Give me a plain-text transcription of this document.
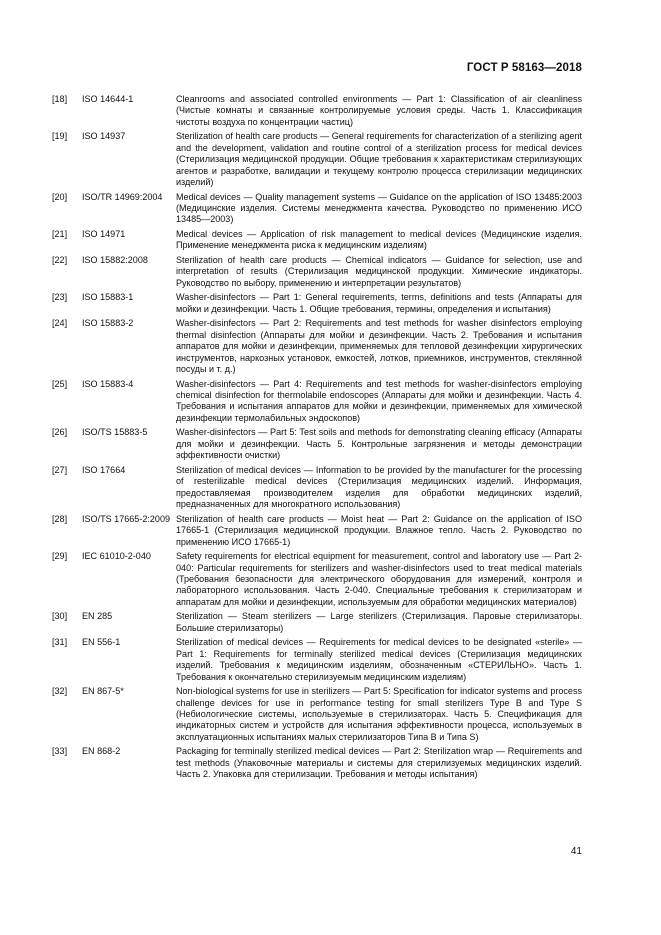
ГОСТ Р 58163—2018
[18]	ISO 14644-1	Cleanrooms and associated controlled environments — Part 1: Classification of air cleanliness (Чистые комнаты и связанные контролируемые условия среды. Часть 1. Классификация чистоты воздуха по концентрации частиц)
[19]	ISO 14937	Sterilization of health care products — General requirements for characterization of a sterilizing agent and the development, validation and routine control of a sterilization process for medical devices (Стерилизация медицинской продукции. Общие требования к характеристикам стерилизующих агентов и разработке, валидации и текущему контролю процесса стерилизации медицинских изделий)
[20]	ISO/TR 14969:2004	Medical devices — Quality management systems — Guidance on the application of ISO 13485:2003 (Медицинские изделия. Системы менеджмента качества. Руководство по применению ИСО 13485—2003)
[21]	ISO 14971	Medical devices — Application of risk management to medical devices (Медицинские изделия. Применение менеджмента риска к медицинским изделиям)
[22]	ISO 15882:2008	Sterilization of health care products — Chemical indicators — Guidance for selection, use and interpretation of results (Стерилизация медицинской продукции. Химические индикаторы. Руководство по выбору, применению и интерпретации результатов)
[23]	ISO 15883-1	Washer-disinfectors — Part 1: General requirements, terms, definitions and tests (Аппараты для мойки и дезинфекции. Часть 1. Общие требования, термины, определения и испытания)
[24]	ISO 15883-2	Washer-disinfectors — Part 2: Requirements and test methods for washer disinfectors employing thermal disinfection (Аппараты для мойки и дезинфекции. Часть 2. Требования и испытания аппаратов для мойки и дезинфекции, применяемых для тепловой дезинфекции хирургических инструментов, наркозных установок, емкостей, лотков, приемников, инструментов, стеклянной посуды и т. д.)
[25]	ISO 15883-4	Washer-disinfectors — Part 4: Requirements and test methods for washer-disinfectors employing chemical disinfection for thermolabile endoscopes (Аппараты для мойки и дезинфекции. Часть 4. Требования и испытания аппаратов для мойки и дезинфекции, применяемых для химической дезинфекции термолабильных эндоскопов)
[26]	ISO/TS 15883-5	Washer-disinfectors — Part 5: Test soils and methods for demonstrating cleaning efficacy (Аппараты для мойки и дезинфекции. Часть 5. Контрольные загрязнения и методы демонстрации эффективности очистки)
[27]	ISO 17664	Sterilization of medical devices — Information to be provided by the manufacturer for the processing of resterilizable medical devices (Стерилизация медицинских изделий. Информация, предоставляемая производителем изделия для обработки медицинских изделий, предназначенных для многократного использования)
[28]	ISO/TS 17665-2:2009 Sterilization of health care products — Moist heat — Part 2: Guidance on the application of ISO 17665-1 (Стерилизация медицинской продукции. Влажное тепло. Часть 2. Руководство по применению ИСО 17665-1)
[29]	IEC 61010-2-040	Safety requirements for electrical equipment for measurement, control and laboratory use — Part 2-040: Particular requirements for sterilizers and washer-disinfectors used to treat medical materials (Требования безопасности для электрического оборудования для измерений, контроля и лабораторного использования. Часть 2-040. Специальные требования к стерилизаторам и аппаратам для мойки и дезинфекции, используемым для обработки медицинских материалов)
[30]	EN 285	Sterilization — Steam sterilizers — Large sterilizers (Стерилизация. Паровые стерилизаторы. Большие стерилизаторы)
[31]	EN 556-1	Sterilization of medical devices — Requirements for medical devices to be designated «sterile» — Part 1: Requirements for terminally sterilized medical devices (Стерилизация медицинских изделий. Требования к медицинским изделиям, обозначенным «СТЕРИЛЬНО». Часть 1. Требования к окончательно стерилизуемым медицинским изделиям)
[32]	EN 867-5*	Non-biological systems for use in sterilizers — Part 5: Specification for indicator systems and process challenge devices for use in performance testing for small sterilizers Type B and Type S (Небиологические системы, используемые в стерилизаторах. Часть 5. Спецификация для индикаторных систем и устройств для испытания эффективности процесса, используемых в эксплуатационных испытаниях малых стерилизаторов Типа В и Типа S)
[33]	EN 868-2	Packaging for terminally sterilized medical devices — Part 2: Sterilization wrap — Requirements and test methods (Упаковочные материалы и системы для стерилизуемых медицинских изделий. Часть 2. Упаковка для стерилизации. Требования и методы испытания)
41
